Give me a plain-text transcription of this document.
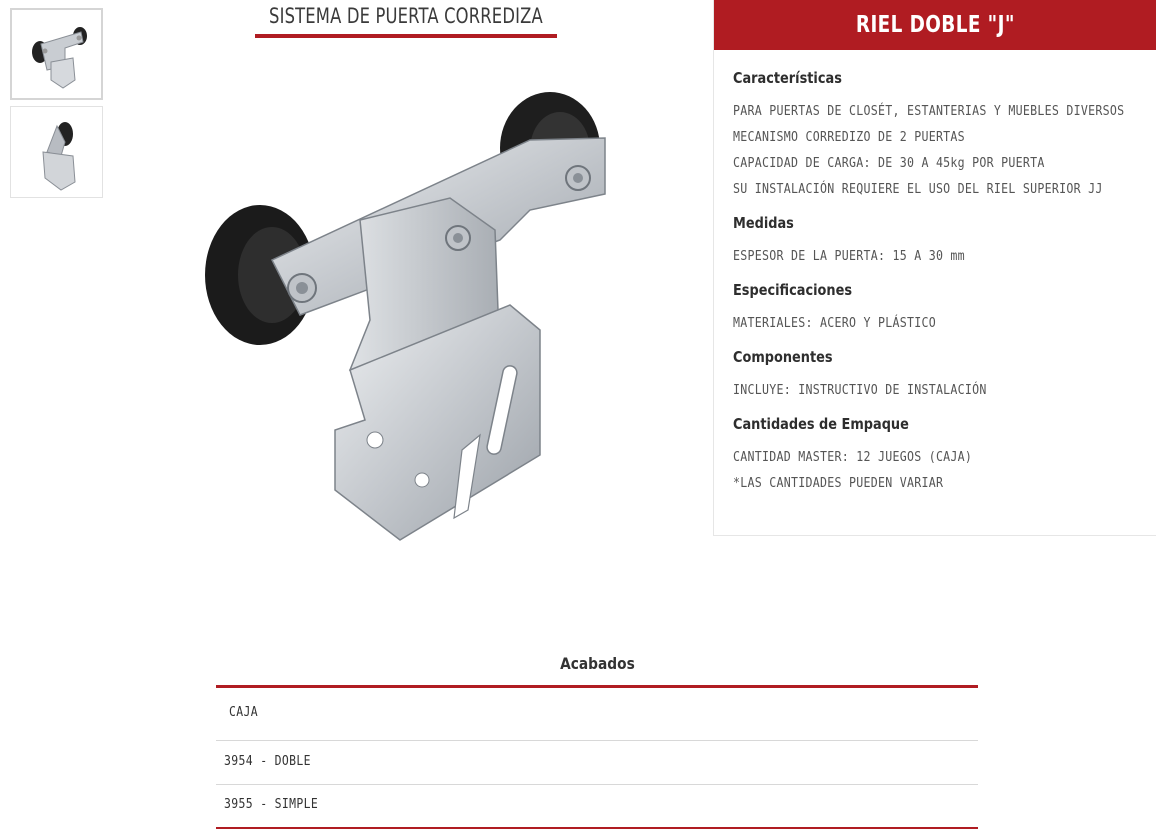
SISTEMA DE PUERTA CORREDIZA	RIEL DOBLE "J"
Características
PARA PUERTAS DE CLOSÉT, ESTANTERIAS Y MUEBLES DIVERSOS
MECANISMO CORREDIZO DE 2 PUERTAS
CAPACIDAD DE CARGA: DE 30 A 45kg POR PUERTA
SU INSTALACIÓN REQUIERE EL USO DEL RIEL SUPERIOR JJ
Medidas
ESPESOR DE LA PUERTA: 15 A 30 mm
Especificaciones
MATERIALES: ACERO Y PLÁSTICO
Componentes
INCLUYE: INSTRUCTIVO DE INSTALACIÓN
Cantidades de Empaque
CANTIDAD MASTER: 12 JUEGOS (CAJA)
*LAS CANTIDADES PUEDEN VARIAR
Acabados
CAJA
3954 - DOBLE
3955 - SIMPLE
